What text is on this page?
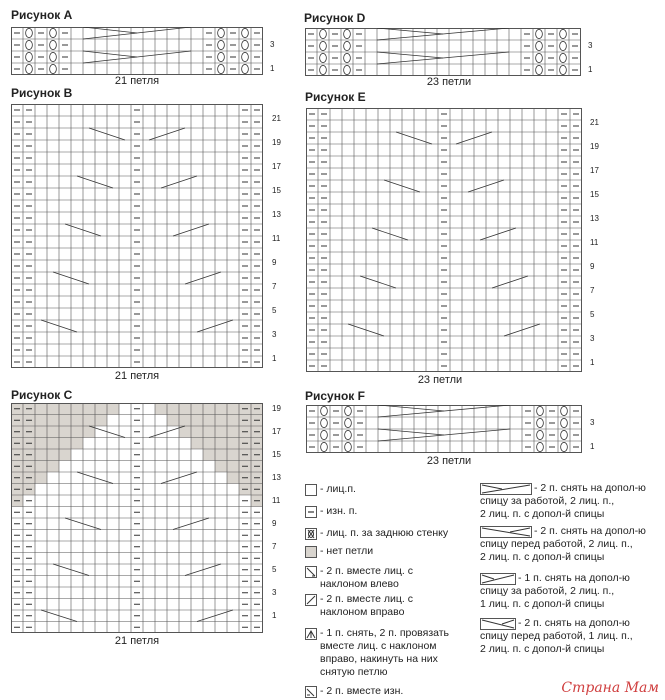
Рисунок А
21 петля
3
1
Рисунок D
23 петли
3
1
Рисунок В
21 петля
21
19
17
15
13
11
9
7
5
3
1
Рисунок Е
23 петли
21
19
17
15
13
11
9
7
5
3
1
Рисунок С
21 петля
19
17
15
13
11
9
7
5
3
1
Рисунок F
23 петли
3
1
- лиц.п.
- изн. п.
- лиц. п. за заднюю стенку
- нет петли
- 2 п. вместе лиц. с
наклоном влево
- 2 п. вместе лиц. с
наклоном вправо
- 1 п. снять, 2 п. провязать
вместе лиц. с наклоном
вправо, накинуть на них
снятую петлю
- 2 п. вместе изн.
- 2 п. снять на допол-ю
спицу за работой, 2 лиц. п.,
2 лиц. п. с допол-й спицы
- 2 п. снять на допол-ю
спицу перед работой, 2 лиц. п.,
2 лиц. п. с допол-й спицы
- 1 п. снять на допол-ю
спицу за работой, 2 лиц. п.,
1 лиц. п. с допол-й спицы
- 2 п. снять на допол-ю
спицу перед работой, 1 лиц. п.,
2 лиц. п. с допол-й спицы
Страна Мам
